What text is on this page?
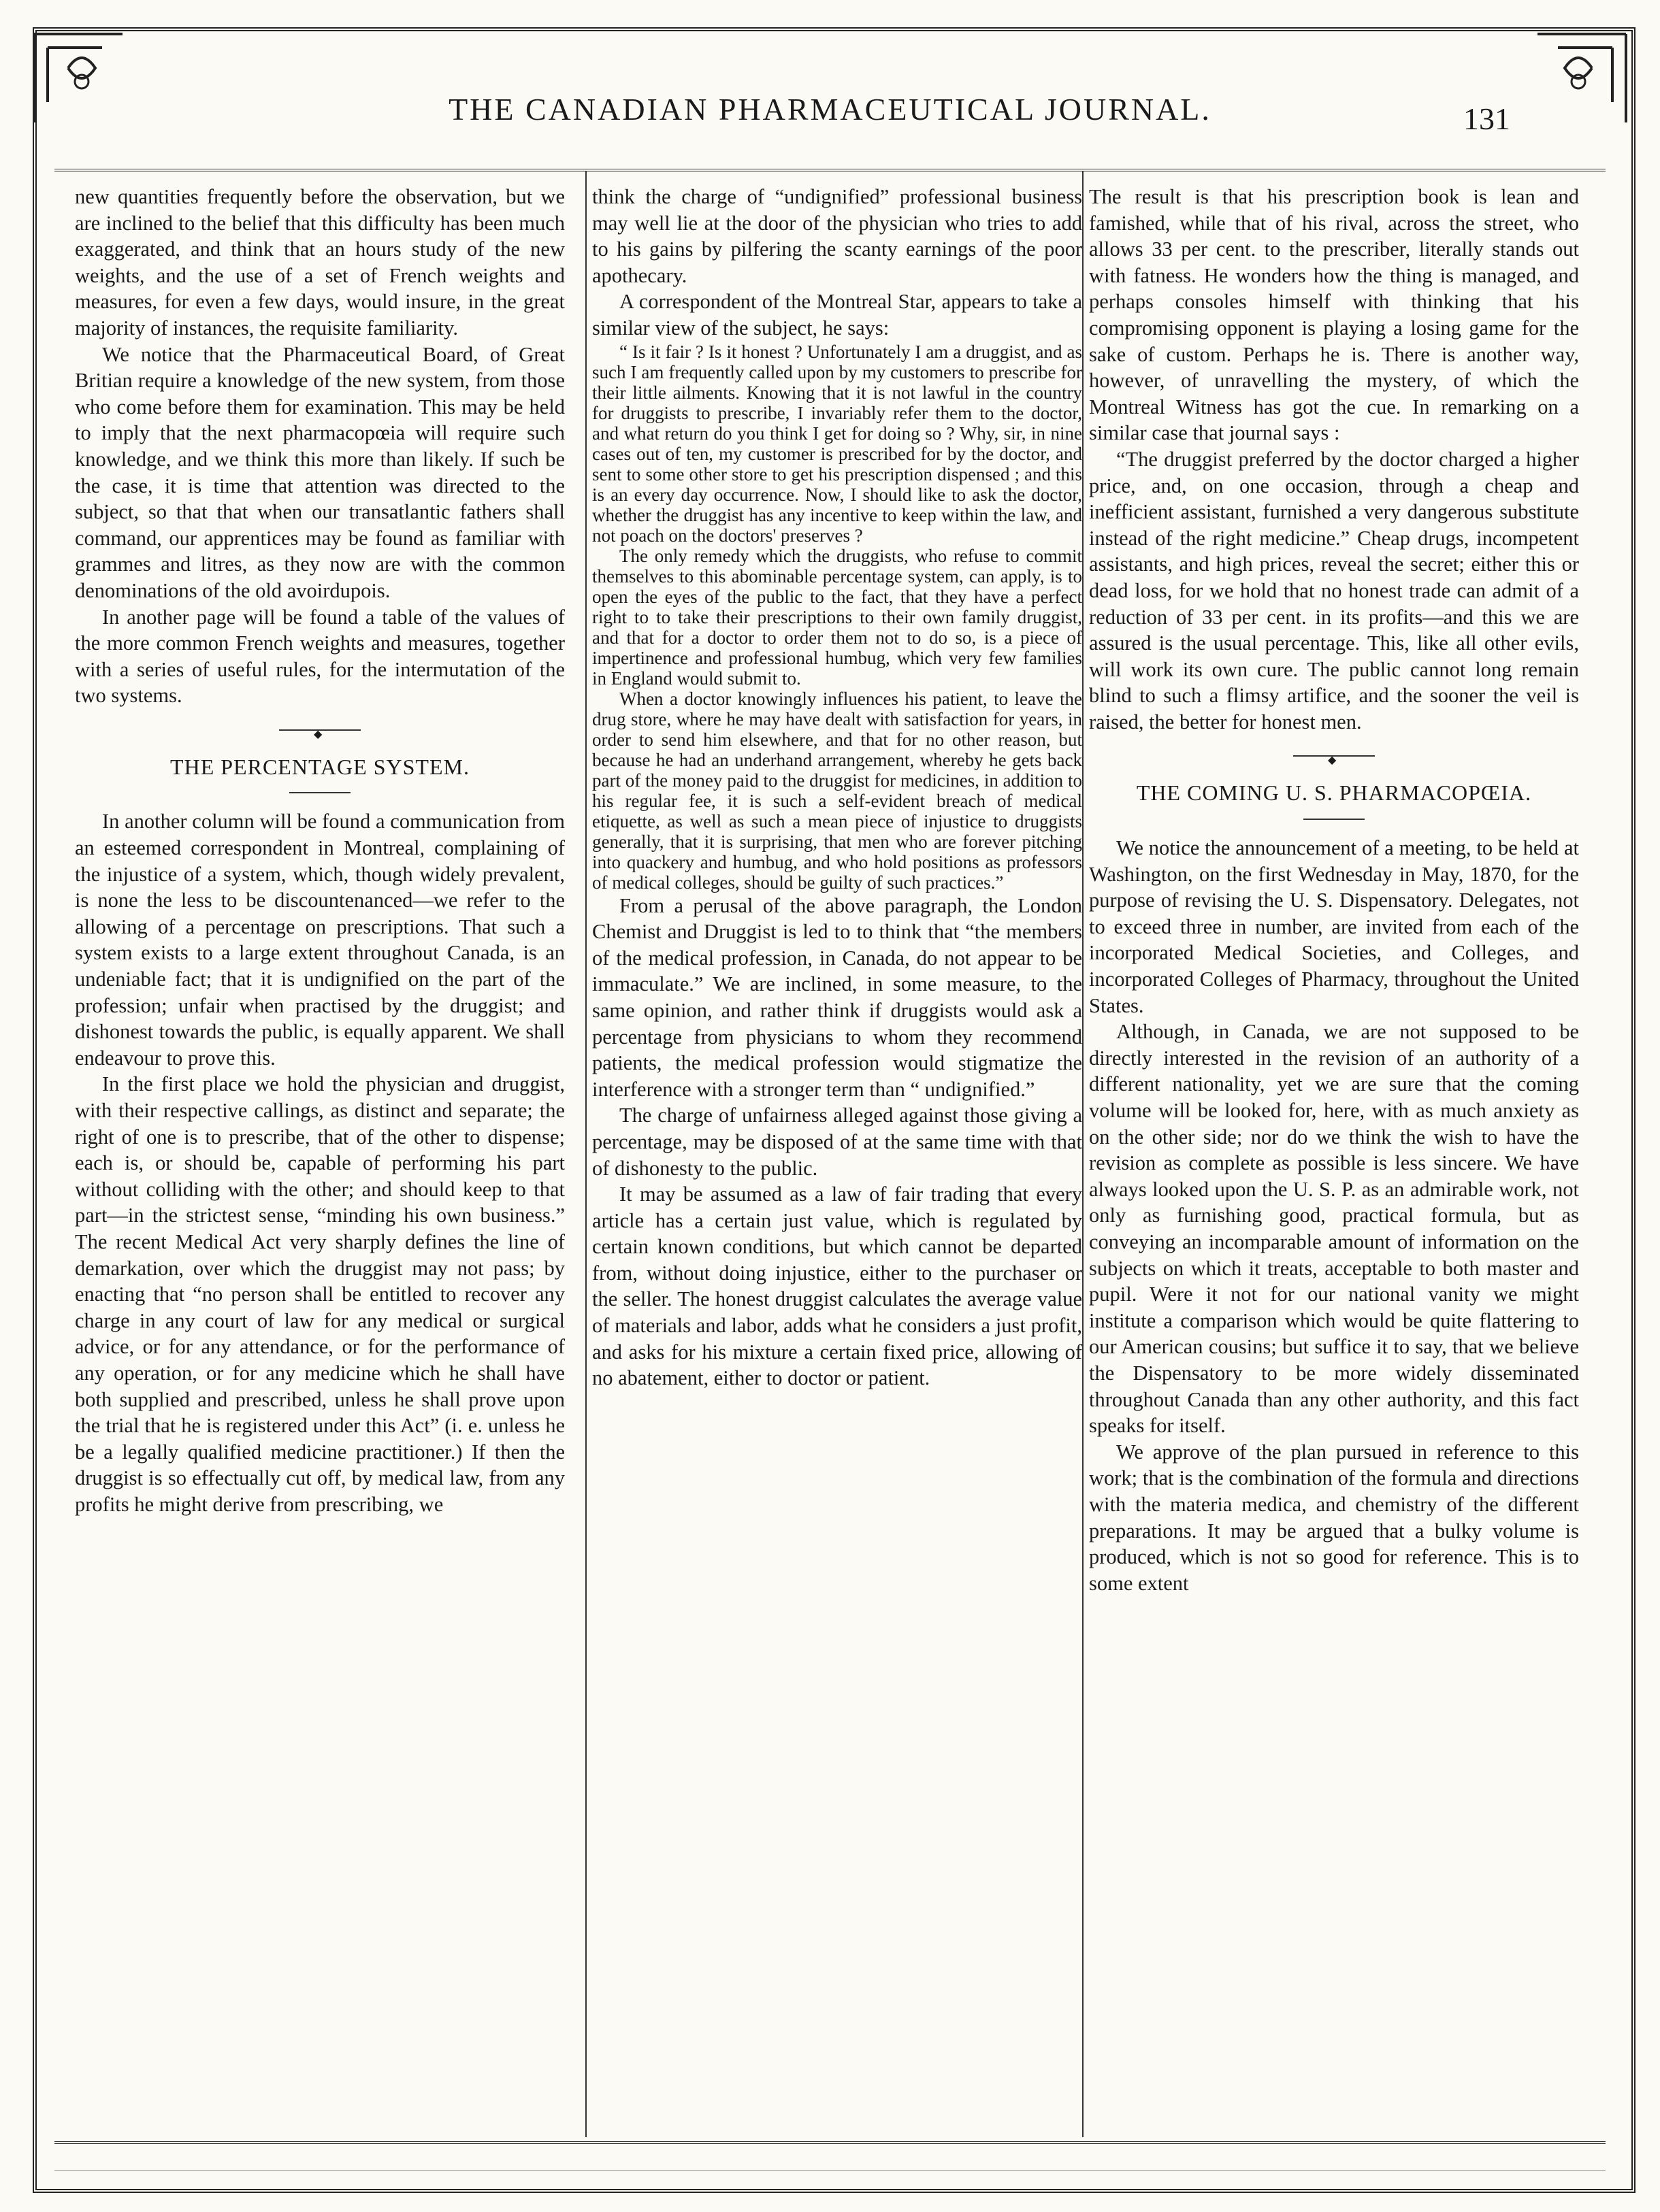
THE CANADIAN PHARMACEUTICAL JOURNAL.	131

new quantities frequently before the observation, but we are inclined to the belief that this difficulty has been much exaggerated, and think that an hours study of the new weights, and the use of a set of French weights and measures, for even a few days, would insure, in the great majority of instances, the requisite familiarity.

We notice that the Pharmaceutical Board, of Great Britian require a knowledge of the new system, from those who come before them for examination. This may be held to imply that the next pharmacopœia will require such knowledge, and we think this more than likely. If such be the case, it is time that attention was directed to the subject, so that that when our transatlantic fathers shall command, our apprentices may be found as familiar with grammes and litres, as they now are with the common denominations of the old avoirdupois.

In another page will be found a table of the values of the more common French weights and measures, together with a series of useful rules, for the intermutation of the two systems.

◆
THE PERCENTAGE SYSTEM.

In another column will be found a communication from an esteemed correspondent in Montreal, complaining of the injustice of a system, which, though widely prevalent, is none the less to be discountenanced—we refer to the allowing of a percentage on prescriptions. That such a system exists to a large extent throughout Canada, is an undeniable fact; that it is undignified on the part of the profession; unfair when practised by the druggist; and dishonest towards the public, is equally apparent. We shall endeavour to prove this.

In the first place we hold the physician and druggist, with their respective callings, as distinct and separate; the right of one is to prescribe, that of the other to dispense; each is, or should be, capable of performing his part without colliding with the other; and should keep to that part—in the strictest sense, “minding his own business.” The recent Medical Act very sharply defines the line of demarkation, over which the druggist may not pass; by enacting that “no person shall be entitled to recover any charge in any court of law for any medical or surgical advice, or for any attendance, or for the performance of any operation, or for any medicine which he shall have both supplied and prescribed, unless he shall prove upon the trial that he is registered under this Act” (i. e. unless he be a legally qualified medicine practitioner.) If then the druggist is so effectually cut off, by medical law, from any profits he might derive from prescribing, we

think the charge of “undignified” professional business may well lie at the door of the physician who tries to add to his gains by pilfering the scanty earnings of the poor apothecary.

A correspondent of the Montreal Star, appears to take a similar view of the subject, he says:

“ Is it fair ? Is it honest ? Unfortunately I am a druggist, and as such I am frequently called upon by my customers to prescribe for their little ailments. Knowing that it is not lawful in the country for druggists to prescribe, I invariably refer them to the doctor, and what return do you think I get for doing so ? Why, sir, in nine cases out of ten, my customer is prescribed for by the doctor, and sent to some other store to get his prescription dispensed ; and this is an every day occurrence. Now, I should like to ask the doctor, whether the druggist has any incentive to keep within the law, and not poach on the doctors' preserves ?

The only remedy which the druggists, who refuse to commit themselves to this abominable percentage system, can apply, is to open the eyes of the public to the fact, that they have a perfect right to to take their prescriptions to their own family druggist, and that for a doctor to order them not to do so, is a piece of impertinence and professional humbug, which very few families in England would submit to.

When a doctor knowingly influences his patient, to leave the drug store, where he may have dealt with satisfaction for years, in order to send him elsewhere, and that for no other reason, but because he had an underhand arrangement, whereby he gets back part of the money paid to the druggist for medicines, in addition to his regular fee, it is such a self-evident breach of medical etiquette, as well as such a mean piece of injustice to druggists generally, that it is surprising, that men who are forever pitching into quackery and humbug, and who hold positions as professors of medical colleges, should be guilty of such practices.”

From a perusal of the above paragraph, the London Chemist and Druggist is led to to think that “the members of the medical profession, in Canada, do not appear to be immaculate.” We are inclined, in some measure, to the same opinion, and rather think if druggists would ask a percentage from physicians to whom they recommend patients, the medical profession would stigmatize the interference with a stronger term than “ undignified.”

The charge of unfairness alleged against those giving a percentage, may be disposed of at the same time with that of dishonesty to the public.

It may be assumed as a law of fair trading that every article has a certain just value, which is regulated by certain known conditions, but which cannot be departed from, without doing injustice, either to the purchaser or the seller. The honest druggist calculates the average value of materials and labor, adds what he considers a just profit, and asks for his mixture a certain fixed price, allowing of no abatement, either to doctor or patient.

The result is that his prescription book is lean and famished, while that of his rival, across the street, who allows 33 per cent. to the prescriber, literally stands out with fatness. He wonders how the thing is managed, and perhaps consoles himself with thinking that his compromising opponent is playing a losing game for the sake of custom. Perhaps he is. There is another way, however, of unravelling the mystery, of which the Montreal Witness has got the cue. In remarking on a similar case that journal says :

“The druggist preferred by the doctor charged a higher price, and, on one occasion, through a cheap and inefficient assistant, furnished a very dangerous substitute instead of the right medicine.” Cheap drugs, incompetent assistants, and high prices, reveal the secret; either this or dead loss, for we hold that no honest trade can admit of a reduction of 33 per cent. in its profits—and this we are assured is the usual percentage. This, like all other evils, will work its own cure. The public cannot long remain blind to such a flimsy artifice, and the sooner the veil is raised, the better for honest men.

◆
THE COMING U. S. PHARMACOPŒIA.

We notice the announcement of a meeting, to be held at Washington, on the first Wednesday in May, 1870, for the purpose of revising the U. S. Dispensatory. Delegates, not to exceed three in number, are invited from each of the incorporated Medical Societies, and Colleges, and incorporated Colleges of Pharmacy, throughout the United States.

Although, in Canada, we are not supposed to be directly interested in the revision of an authority of a different nationality, yet we are sure that the coming volume will be looked for, here, with as much anxiety as on the other side; nor do we think the wish to have the revision as complete as possible is less sincere. We have always looked upon the U. S. P. as an admirable work, not only as furnishing good, practical formula, but as conveying an incomparable amount of information on the subjects on which it treats, acceptable to both master and pupil. Were it not for our national vanity we might institute a comparison which would be quite flattering to our American cousins; but suffice it to say, that we believe the Dispensatory to be more widely disseminated throughout Canada than any other authority, and this fact speaks for itself.

We approve of the plan pursued in reference to this work; that is the combination of the formula and directions with the materia medica, and chemistry of the different preparations. It may be argued that a bulky volume is produced, which is not so good for reference. This is to some extent
